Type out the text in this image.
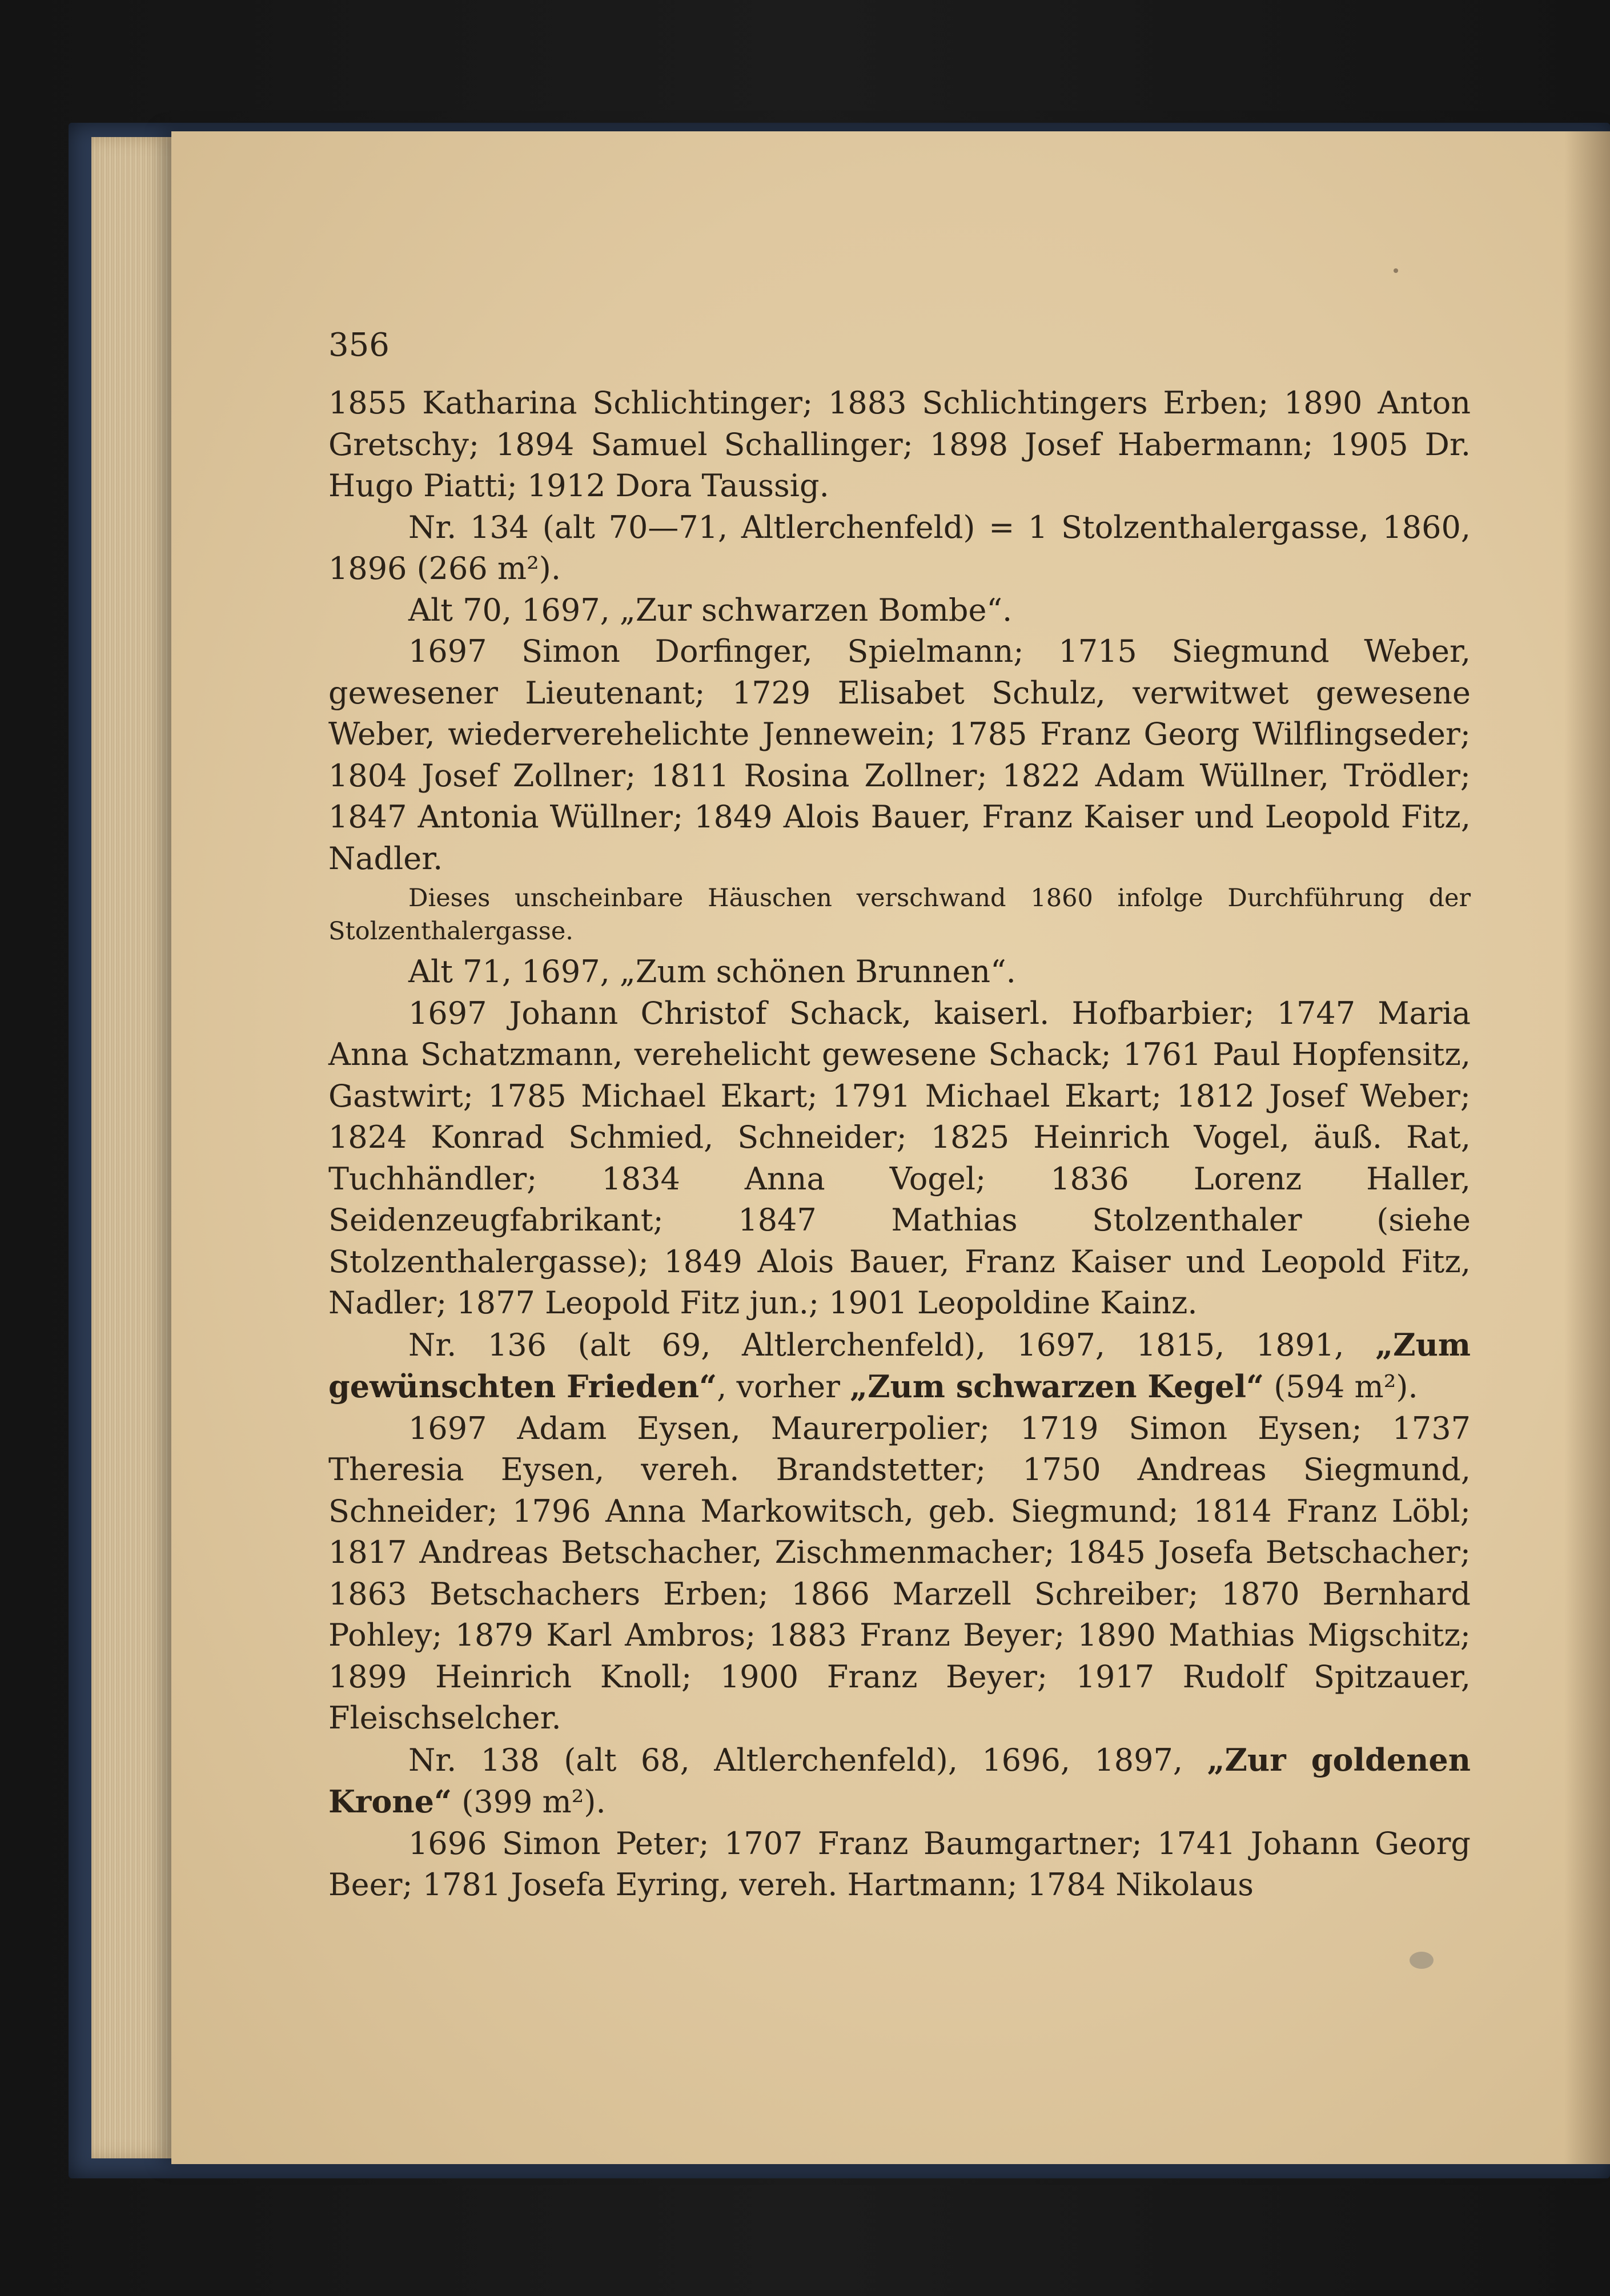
356

1855 Katharina Schlichtinger; 1883 Schlichtingers Erben; 1890 Anton Gretschy; 1894 Samuel Schallinger; 1898 Josef Habermann; 1905 Dr. Hugo Piatti; 1912 Dora Taussig.

Nr. 134 (alt 70—71, Altlerchenfeld) = 1 Stolzenthalergasse, 1860, 1896 (266 m²).

Alt 70, 1697, „Zur schwarzen Bombe“.

1697 Simon Dorfinger, Spielmann; 1715 Siegmund Weber, gewesener Lieutenant; 1729 Elisabet Schulz, verwitwet gewesene Weber, wiederverehelichte Jennewein; 1785 Franz Georg Wilflingseder; 1804 Josef Zollner; 1811 Rosina Zollner; 1822 Adam Wüllner, Trödler; 1847 Antonia Wüllner; 1849 Alois Bauer, Franz Kaiser und Leopold Fitz, Nadler.

Dieses unscheinbare Häuschen verschwand 1860 infolge Durchführung der Stolzenthalergasse.

Alt 71, 1697, „Zum schönen Brunnen“.

1697 Johann Christof Schack, kaiserl. Hofbarbier; 1747 Maria Anna Schatzmann, verehelicht gewesene Schack; 1761 Paul Hopfensitz, Gastwirt; 1785 Michael Ekart; 1791 Michael Ekart; 1812 Josef Weber; 1824 Konrad Schmied, Schneider; 1825 Heinrich Vogel, äuß. Rat, Tuchhändler; 1834 Anna Vogel; 1836 Lorenz Haller, Seidenzeugfabrikant; 1847 Mathias Stolzenthaler (siehe Stolzenthalergasse); 1849 Alois Bauer, Franz Kaiser und Leopold Fitz, Nadler; 1877 Leopold Fitz jun.; 1901 Leopoldine Kainz.

Nr. 136 (alt 69, Altlerchenfeld), 1697, 1815, 1891, „Zum gewünschten Frieden“, vorher „Zum schwarzen Kegel“ (594 m²).

1697 Adam Eysen, Maurerpolier; 1719 Simon Eysen; 1737 Theresia Eysen, vereh. Brandstetter; 1750 Andreas Siegmund, Schneider; 1796 Anna Markowitsch, geb. Siegmund; 1814 Franz Löbl; 1817 Andreas Betschacher, Zischmenmacher; 1845 Josefa Betschacher; 1863 Betschachers Erben; 1866 Marzell Schreiber; 1870 Bernhard Pohley; 1879 Karl Ambros; 1883 Franz Beyer; 1890 Mathias Migschitz; 1899 Heinrich Knoll; 1900 Franz Beyer; 1917 Rudolf Spitzauer, Fleischselcher.

Nr. 138 (alt 68, Altlerchenfeld), 1696, 1897, „Zur goldenen Krone“ (399 m²).

1696 Simon Peter; 1707 Franz Baumgartner; 1741 Johann Georg Beer; 1781 Josefa Eyring, vereh. Hartmann; 1784 Nikolaus
